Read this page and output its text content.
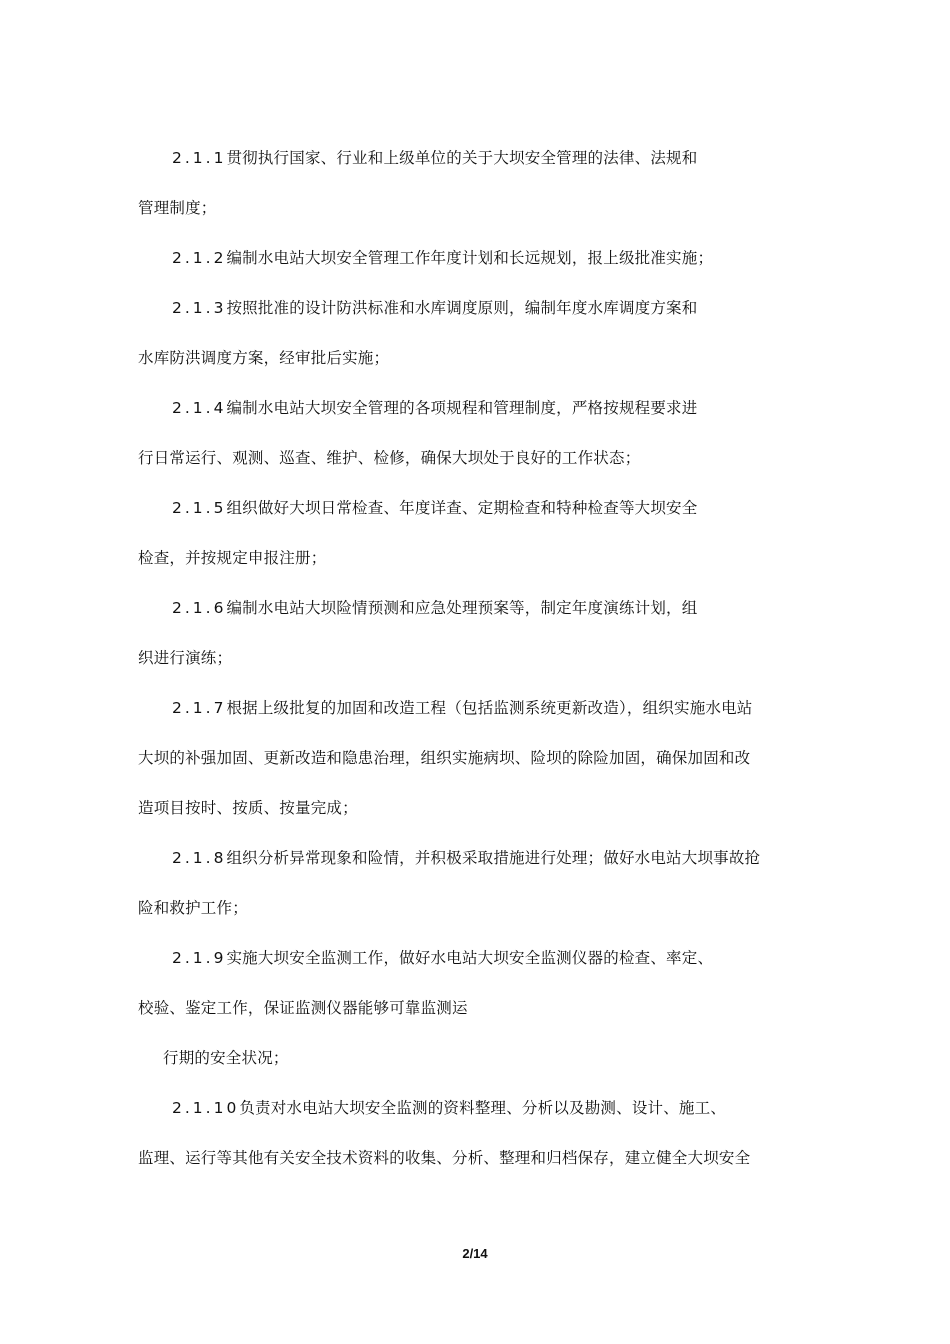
2.1.1贯彻执行国家、行业和上级单位的关于大坝安全管理的法律、法规和

管理制度；

2.1.2编制水电站大坝安全管理工作年度计划和长远规划，报上级批准实施；

2.1.3按照批准的设计防洪标准和水库调度原则，编制年度水库调度方案和

水库防洪调度方案，经审批后实施；

2.1.4编制水电站大坝安全管理的各项规程和管理制度，严格按规程要求进

行日常运行、观测、巡查、维护、检修，确保大坝处于良好的工作状态；

2.1.5组织做好大坝日常检查、年度详查、定期检查和特种检查等大坝安全

检查，并按规定申报注册；

2.1.6编制水电站大坝险情预测和应急处理预案等，制定年度演练计划，组

织进行演练；

2.1.7根据上级批复的加固和改造工程（包括监测系统更新改造），组织实施水电站

大坝的补强加固、更新改造和隐患治理，组织实施病坝、险坝的除险加固，确保加固和改

造项目按时、按质、按量完成；

2.1.8组织分析异常现象和险情，并积极采取措施进行处理；做好水电站大坝事故抢

险和救护工作；

2.1.9实施大坝安全监测工作，做好水电站大坝安全监测仪器的检查、率定、

校验、鉴定工作，保证监测仪器能够可靠监测运

行期的安全状况；

2.1.10负责对水电站大坝安全监测的资料整理、分析以及勘测、设计、施工、

监理、运行等其他有关安全技术资料的收集、分析、整理和归档保存，建立健全大坝安全

2/14
